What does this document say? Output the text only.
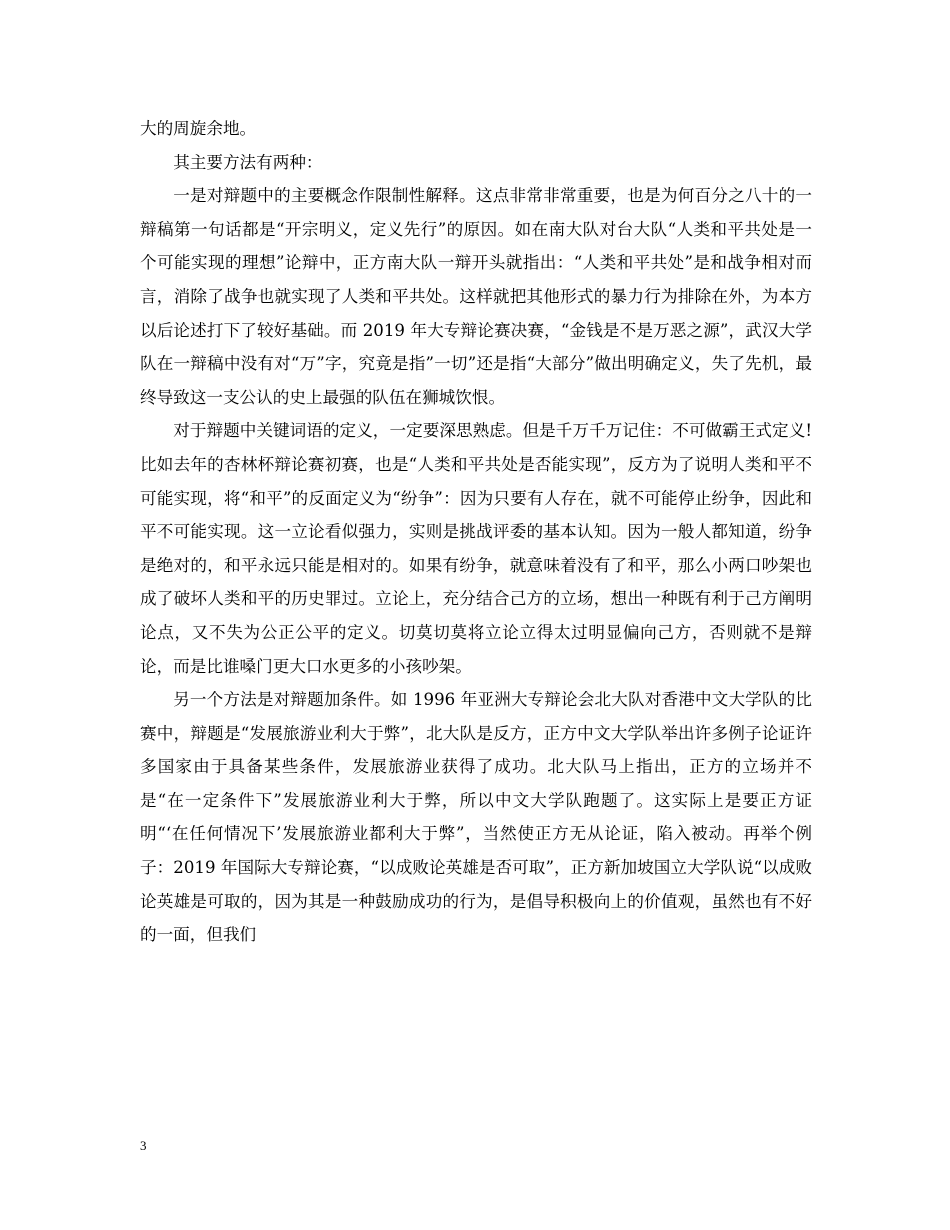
大的周旋余地。

其主要方法有两种：

一是对辩题中的主要概念作限制性解释。这点非常非常重要，也是为何百分之八十的一辩稿第一句话都是“开宗明义，定义先行”的原因。如在南大队对台大队“人类和平共处是一个可能实现的理想”论辩中，正方南大队一辩开头就指出：“人类和平共处”是和战争相对而言，消除了战争也就实现了人类和平共处。这样就把其他形式的暴力行为排除在外，为本方以后论述打下了较好基础。而 2019 年大专辩论赛决赛，“金钱是不是万恶之源”，武汉大学队在一辩稿中没有对“万”字，究竟是指”一切”还是指“大部分”做出明确定义，失了先机，最终导致这一支公认的史上最强的队伍在狮城饮恨。

对于辩题中关键词语的定义，一定要深思熟虑。但是千万千万记住：不可做霸王式定义!比如去年的杏林杯辩论赛初赛，也是“人类和平共处是否能实现”，反方为了说明人类和平不可能实现，将“和平”的反面定义为“纷争”：因为只要有人存在，就不可能停止纷争，因此和平不可能实现。这一立论看似强力，实则是挑战评委的基本认知。因为一般人都知道，纷争是绝对的，和平永远只能是相对的。如果有纷争，就意味着没有了和平，那么小两口吵架也成了破坏人类和平的历史罪过。立论上，充分结合己方的立场，想出一种既有利于己方阐明论点，又不失为公正公平的定义。切莫切莫将立论立得太过明显偏向己方，否则就不是辩论，而是比谁嗓门更大口水更多的小孩吵架。

另一个方法是对辩题加条件。如 1996 年亚洲大专辩论会北大队对香港中文大学队的比赛中，辩题是“发展旅游业利大于弊”，北大队是反方，正方中文大学队举出许多例子论证许多国家由于具备某些条件，发展旅游业获得了成功。北大队马上指出，正方的立场并不是“在一定条件下”发展旅游业利大于弊，所以中文大学队跑题了。这实际上是要正方证明“‘在任何情况下’发展旅游业都利大于弊”，当然使正方无从论证，陷入被动。再举个例子：2019 年国际大专辩论赛，“以成败论英雄是否可取”，正方新加坡国立大学队说“以成败论英雄是可取的，因为其是一种鼓励成功的行为，是倡导积极向上的价值观，虽然也有不好的一面，但我们

3
